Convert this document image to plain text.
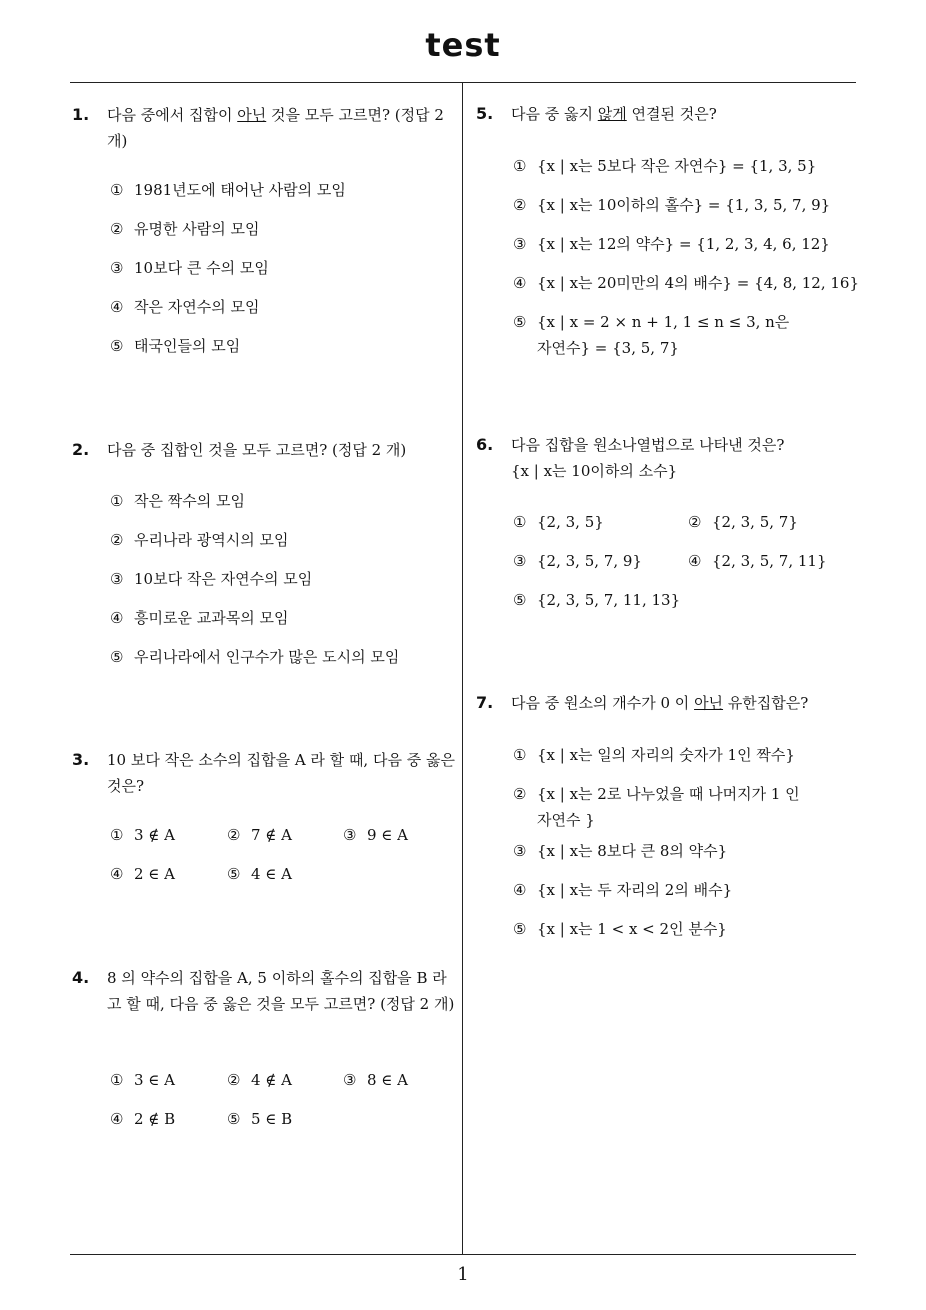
test
1
1. 다음 중에서 집합이 아닌 것을 모두 고르면? (정답 2 개)
① 1981년도에 태어난 사람의 모임
② 유명한 사람의 모임
③ 10보다 큰 수의 모임
④ 작은 자연수의 모임
⑤ 태국인들의 모임
2. 다음 중 집합인 것을 모두 고르면? (정답 2 개)
① 작은 짝수의 모임
② 우리나라 광역시의 모임
③ 10보다 작은 자연수의 모임
④ 흥미로운 교과목의 모임
⑤ 우리나라에서 인구수가 많은 도시의 모임
3. 10 보다 작은 소수의 집합을 A 라 할 때, 다음 중 옳은 것은?
① 3 ∉ A	② 7 ∉ A	③ 9 ∈ A
④ 2 ∈ A	⑤ 4 ∈ A
4. 8 의 약수의 집합을 A, 5 이하의 홀수의 집합을 B 라고 할 때, 다음 중 옳은 것을 모두 고르면? (정답 2 개)
① 3 ∈ A	② 4 ∉ A	③ 8 ∈ A
④ 2 ∉ B	⑤ 5 ∈ B
5. 다음 중 옳지 않게 연결된 것은?
① {x | x는 5보다 작은 자연수} = {1, 3, 5}
② {x | x는 10이하의 홀수} = {1, 3, 5, 7, 9}
③ {x | x는 12의 약수} = {1, 2, 3, 4, 6, 12}
④ {x | x는 20미만의 4의 배수} = {4, 8, 12, 16}
⑤ {x | x = 2 × n + 1, 1 ≤ n ≤ 3, n은
자연수} = {3, 5, 7}
6. 다음 집합을 원소나열법으로 나타낸 것은?
{x | x는 10이하의 소수}
① {2, 3, 5}	② {2, 3, 5, 7}
③ {2, 3, 5, 7, 9}	④ {2, 3, 5, 7, 11}
⑤ {2, 3, 5, 7, 11, 13}
7. 다음 중 원소의 개수가 0 이 아닌 유한집합은?
① {x | x는 일의 자리의 숫자가 1인 짝수}
② {x | x는 2로 나누었을 때 나머지가 1 인
자연수 }
③ {x | x는 8보다 큰 8의 약수}
④ {x | x는 두 자리의 2의 배수}
⑤ {x | x는 1 < x < 2인 분수}
